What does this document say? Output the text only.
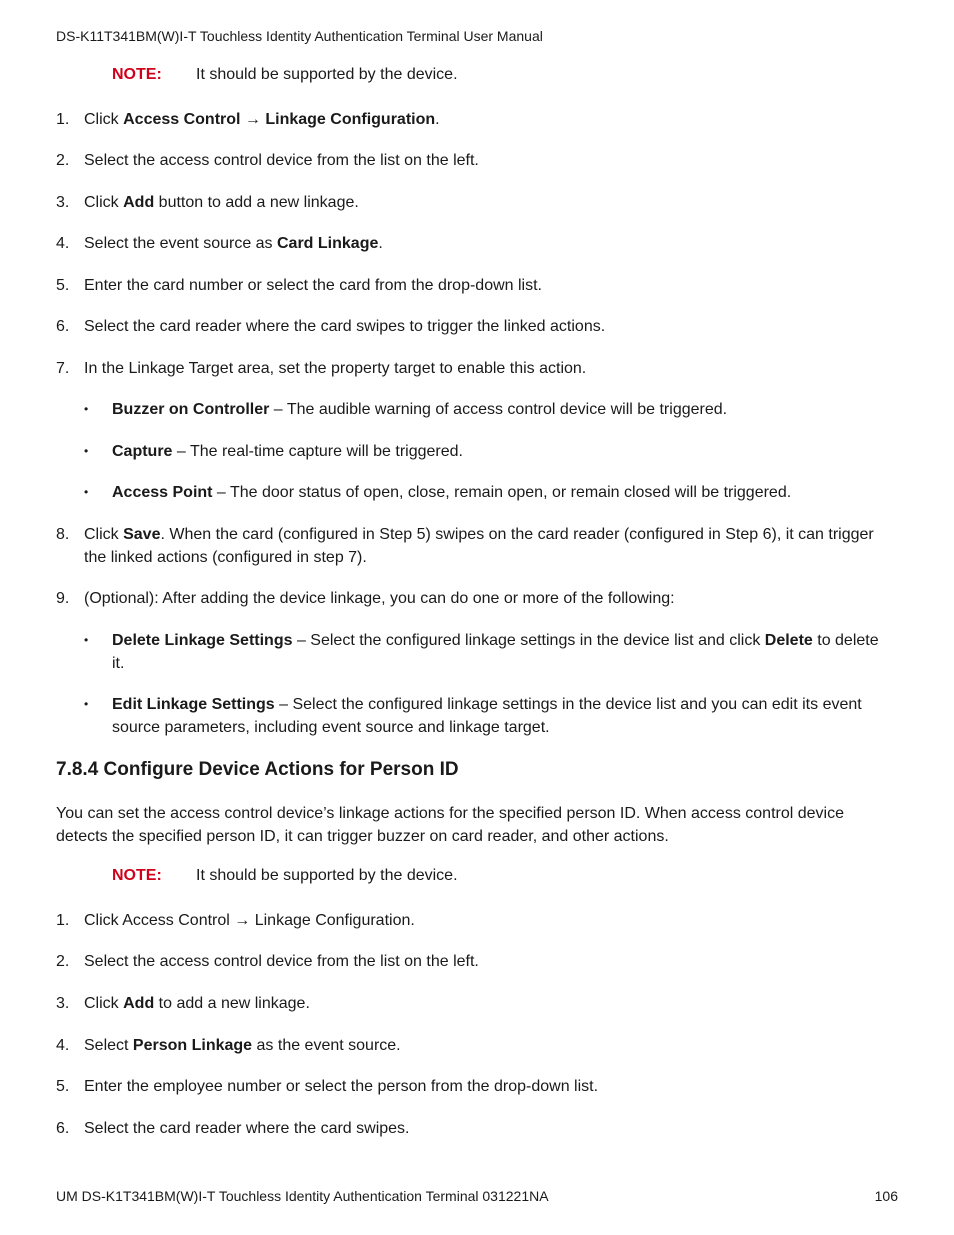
DS-K11T341BM(W)I-T Touchless Identity Authentication Terminal User Manual
NOTE: It should be supported by the device.
1. Click Access Control → Linkage Configuration.
2. Select the access control device from the list on the left.
3. Click Add button to add a new linkage.
4. Select the event source as Card Linkage.
5. Enter the card number or select the card from the drop-down list.
6. Select the card reader where the card swipes to trigger the linked actions.
7. In the Linkage Target area, set the property target to enable this action.
• Buzzer on Controller – The audible warning of access control device will be triggered.
• Capture – The real-time capture will be triggered.
• Access Point – The door status of open, close, remain open, or remain closed will be triggered.
8. Click Save. When the card (configured in Step 5) swipes on the card reader (configured in Step 6), it can trigger the linked actions (configured in step 7).
9. (Optional): After adding the device linkage, you can do one or more of the following:
• Delete Linkage Settings – Select the configured linkage settings in the device list and click Delete to delete it.
• Edit Linkage Settings – Select the configured linkage settings in the device list and you can edit its event source parameters, including event source and linkage target.
7.8.4 Configure Device Actions for Person ID

You can set the access control device’s linkage actions for the specified person ID. When access control device detects the specified person ID, it can trigger buzzer on card reader, and other actions.

NOTE: It should be supported by the device.
1. Click Access Control → Linkage Configuration.
2. Select the access control device from the list on the left.
3. Click Add to add a new linkage.
4. Select Person Linkage as the event source.
5. Enter the employee number or select the person from the drop-down list.
6. Select the card reader where the card swipes.
UM DS-K1T341BM(W)I-T Touchless Identity Authentication Terminal 031221NA	106
